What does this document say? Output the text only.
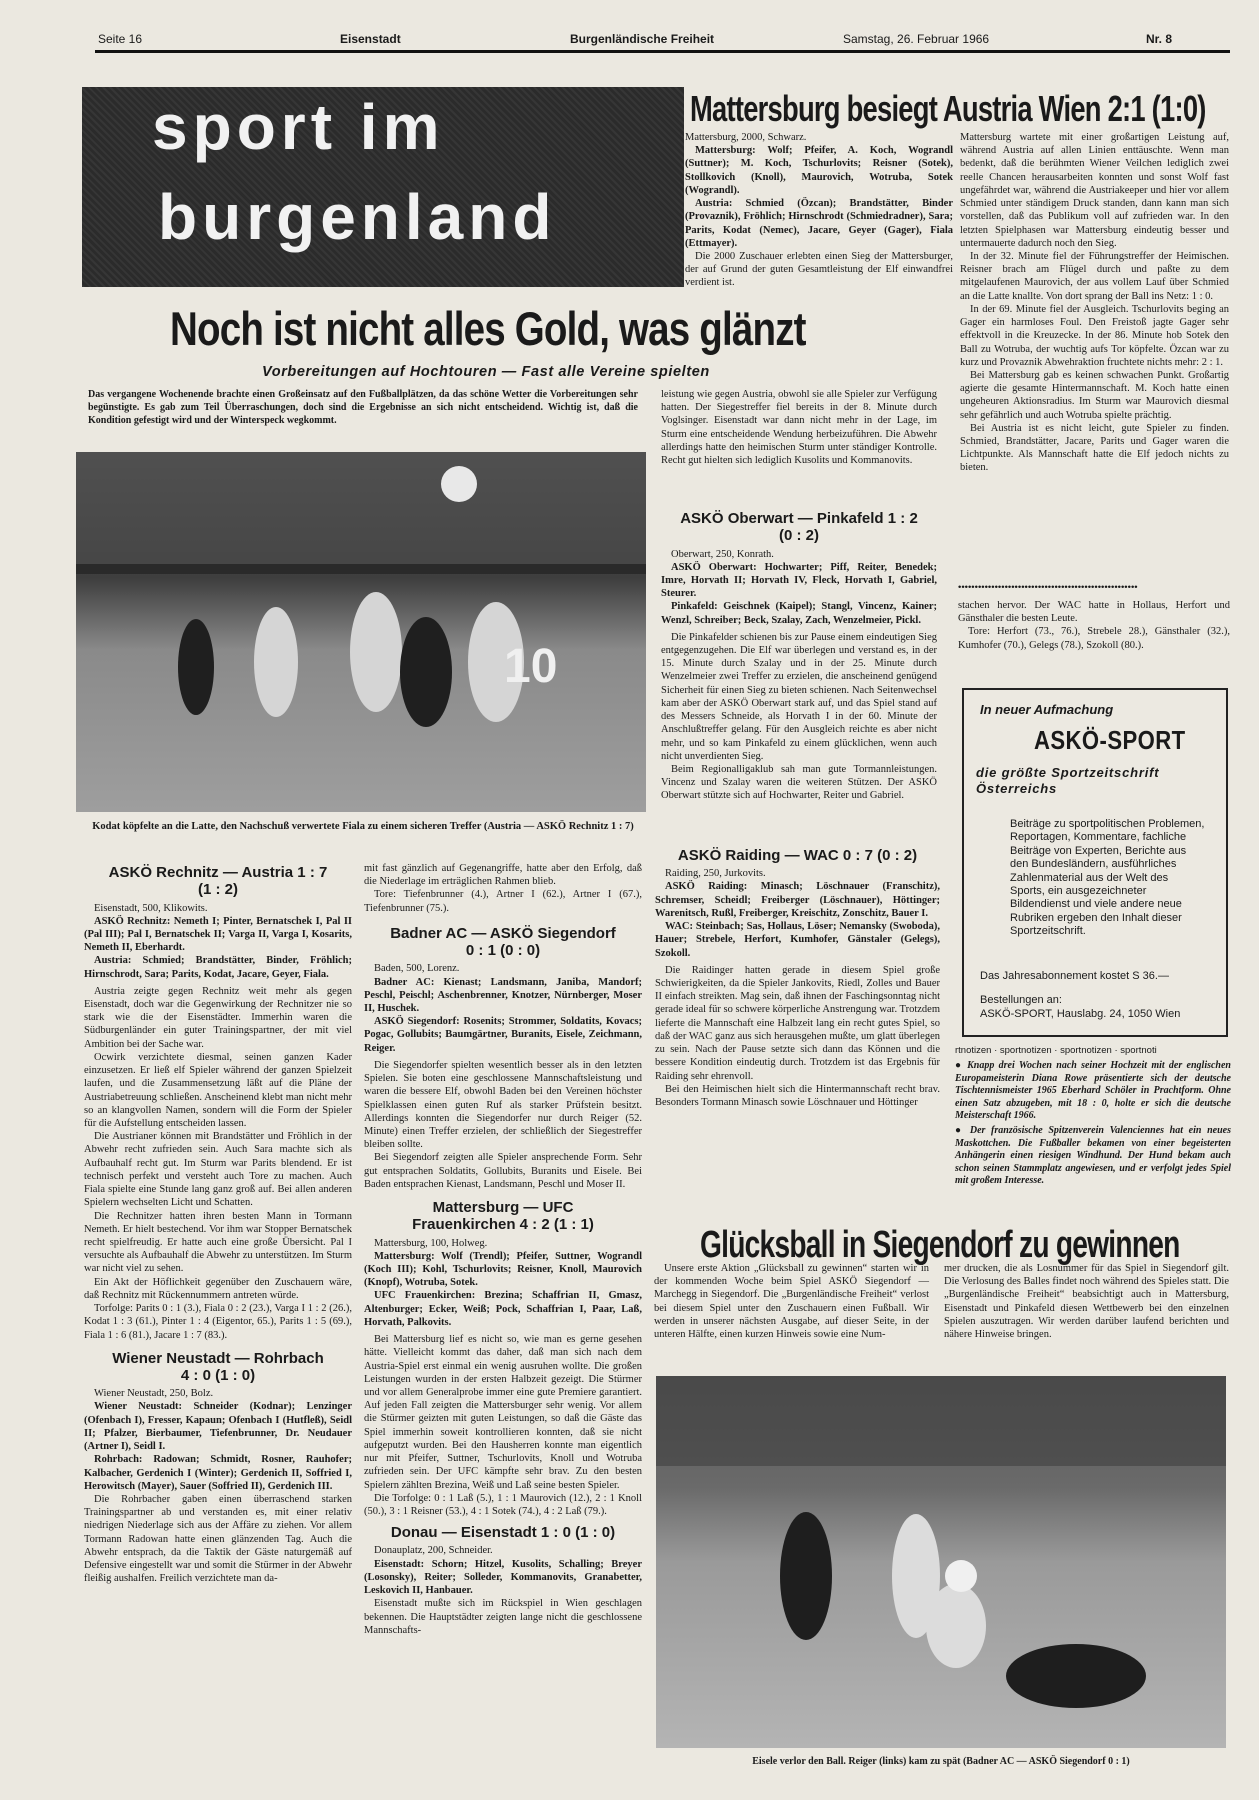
Seite 16	Eisenstadt	Burgenländische Freiheit	Samstag, 26. Februar 1966	Nr. 8
sport im
burgenland
Mattersburg besiegt Austria Wien 2:1 (1:0)
Mattersburg, 2000, Schwarz.
Mattersburg: Wolf; Pfeifer, A. Koch, Wograndl (Suttner); M. Koch, Tschurlovits; Reisner (Sotek), Stollkovich (Knoll), Maurovich, Wotruba, Sotek (Wograndl).
Austria: Schmied (Özcan); Brandstätter, Binder (Provaznik), Fröhlich; Hirnschrodt (Schmiedradner), Sara; Parits, Kodat (Nemec), Jacare, Geyer (Gager), Fiala (Ettmayer).

Die 2000 Zuschauer erlebten einen Sieg der Mattersburger, der auf Grund der guten Gesamtleistung der Elf einwandfrei verdient ist.

Mattersburg wartete mit einer großartigen Leistung auf, während Austria auf allen Linien enttäuschte. Wenn man bedenkt, daß die berühmten Wiener Veilchen lediglich zwei reelle Chancen herausarbeiten konnten und sonst Wolf fast ungefährdet war, während die Austriakeeper und hier vor allem Schmied unter ständigem Druck standen, dann kann man sich vorstellen, daß das Publikum voll auf zufrieden war. In den letzten Spielphasen war Mattersburg eindeutig besser und untermauerte dadurch noch den Sieg.

In der 32. Minute fiel der Führungstreffer der Heimischen. Reisner brach am Flügel durch und paßte zu dem mitgelaufenen Maurovich, der aus vollem Lauf über Schmied an die Latte knallte. Von dort sprang der Ball ins Netz: 1 : 0.

In der 69. Minute fiel der Ausgleich. Tschurlovits beging an Gager ein harmloses Foul. Den Freistoß jagte Gager sehr effektvoll in die Kreuzecke. In der 86. Minute hob Sotek den Ball zu Wotruba, der wuchtig aufs Tor köpfelte. Özcan war zu kurz und Provaznik Abwehraktion fruchtete nichts mehr: 2 : 1.

Bei Mattersburg gab es keinen schwachen Punkt. Großartig agierte die gesamte Hintermannschaft. M. Koch hatte einen ungeheuren Aktionsradius. Im Sturm war Maurovich diesmal sehr gefährlich und auch Wotruba spielte prächtig.

Bei Austria ist es nicht leicht, gute Spieler zu finden. Schmied, Brandstätter, Jacare, Parits und Gager waren die Lichtpunkte. Als Mannschaft hatte die Elf jedoch nichts zu bieten.

Noch ist nicht alles Gold, was glänzt
Vorbereitungen auf Hochtouren — Fast alle Vereine spielten
Das vergangene Wochenende brachte einen Großeinsatz auf den Fußballplätzen, da das schöne Wetter die Vorbereitungen sehr begünstigte. Es gab zum Teil Überraschungen, doch sind die Ergebnisse an sich nicht entscheidend. Wichtig ist, daß die Kondition gefestigt wird und der Winterspeck wegkommt.
leistung wie gegen Austria, obwohl sie alle Spieler zur Verfügung hatten. Der Siegestreffer fiel bereits in der 8. Minute durch Voglsinger. Eisenstadt war dann nicht mehr in der Lage, im Sturm eine entscheidende Wendung herbeizuführen. Die Abwehr allerdings hatte den heimischen Sturm unter ständiger Kontrolle. Recht gut hielten sich lediglich Kusolits und Kommanovits.
ASKÖ Oberwart — Pinkafeld 1 : 2
(0 : 2)
Oberwart, 250, Konrath.
ASKÖ Oberwart: Hochwarter; Piff, Reiter, Benedek; Imre, Horvath II; Horvath IV, Fleck, Horvath I, Gabriel, Steurer.
Pinkafeld: Geischnek (Kaipel); Stangl, Vincenz, Kainer; Wenzl, Schreiber; Beck, Szalay, Zach, Wenzelmeier, Pickl.

Die Pinkafelder schienen bis zur Pause einem eindeutigen Sieg entgegenzugehen. Die Elf war überlegen und verstand es, in der 15. Minute durch Szalay und in der 25. Minute durch Wenzelmeier zwei Treffer zu erzielen, die anscheinend genügend Sicherheit für einen Sieg zu bieten schienen. Nach Seitenwechsel kam aber der ASKÖ Oberwart stark auf, und das Spiel stand auf des Messers Schneide, als Horvath I in der 60. Minute der Anschlußtreffer gelang. Für den Ausgleich reichte es aber nicht mehr, und so kam Pinkafeld zu einem glücklichen, wenn auch nicht unverdienten Sieg.

Beim Regionalligaklub sah man gute Tormannleistungen. Vincenz und Szalay waren die weiteren Stützen. Der ASKÖ Oberwart stützte sich auf Hochwarter, Reiter und Gabriel.

••••••••••••••••••••••••••••••••••••••••••••••••••••••
stachen hervor. Der WAC hatte in Hollaus, Herfort und Gänsthaler die besten Leute.

Tore: Herfort (73., 76.), Strebele 28.), Gänsthaler (32.), Kumhofer (70.), Gelegs (78.), Szokoll (80.).

In neuer Aufmachung
ASKÖ-SPORT
die größte Sportzeitschrift Österreichs
Beiträge zu sportpolitischen Problemen, Reportagen, Kommentare, fachliche Beiträge von Experten, Berichte aus den Bundesländern, ausführliches Zahlenmaterial aus der Welt des Sports, ein ausgezeichneter Bildendienst und viele andere neue Rubriken ergeben den Inhalt dieser Sportzeitschrift.
Das Jahresabonnement kostet S 36.—
Bestellungen an:
ASKÖ-SPORT, Hauslabg. 24, 1050 Wien
rtnotizen · sportnotizen · sportnotizen · sportnoti
● Knapp drei Wochen nach seiner Hochzeit mit der englischen Europameisterin Diana Rowe präsentierte sich der deutsche Tischtennismeister 1965 Eberhard Schöler in Prachtform. Ohne einen Satz abzugeben, mit 18 : 0, holte er sich die deutsche Meisterschaft 1966.
● Der französische Spitzenverein Valenciennes hat ein neues Maskottchen. Die Fußballer bekamen von einer begeisterten Anhängerin einen riesigen Windhund. Der Hund bekam auch schon seinen Stammplatz angewiesen, und er verfolgt jedes Spiel mit großem Interesse.
10
Kodat köpfelte an die Latte, den Nachschuß verwertete Fiala zu einem sicheren Treffer (Austria — ASKÖ Rechnitz 1 : 7)
ASKÖ Rechnitz — Austria 1 : 7
(1 : 2)
Eisenstadt, 500, Klikowits.
ASKÖ Rechnitz: Nemeth I; Pinter, Bernatschek I, Pal II (Pal III); Pal I, Bernatschek II; Varga II, Varga I, Kosarits, Nemeth II, Eberhardt.
Austria: Schmied; Brandstätter, Binder, Fröhlich; Hirnschrodt, Sara; Parits, Kodat, Jacare, Geyer, Fiala.

Austria zeigte gegen Rechnitz weit mehr als gegen Eisenstadt, doch war die Gegenwirkung der Rechnitzer nie so stark wie die der Eisenstädter. Immerhin waren die Südburgenländer ein guter Trainingspartner, der mit viel Ambition bei der Sache war.

Ocwirk verzichtete diesmal, seinen ganzen Kader einzusetzen. Er ließ elf Spieler während der ganzen Spielzeit laufen, und die Zusammensetzung läßt auf die Pläne der Austriabetreuung schließen. Anscheinend klebt man nicht mehr so an klangvollen Namen, sondern will die Form der Spieler für die Aufstellung entscheiden lassen.

Die Austrianer können mit Brandstätter und Fröhlich in der Abwehr recht zufrieden sein. Auch Sara machte sich als Aufbauhalf recht gut. Im Sturm war Parits blendend. Er ist technisch perfekt und versteht auch Tore zu machen. Auch Fiala spielte eine Stunde lang ganz groß auf. Bei allen anderen Spielern wechselten Licht und Schatten.

Die Rechnitzer hatten ihren besten Mann in Tormann Nemeth. Er hielt bestechend. Vor ihm war Stopper Bernatschek recht spielfreudig. Er hatte auch eine große Übersicht. Pal I versuchte als Aufbauhalf die Abwehr zu unterstützen. Im Sturm war nicht viel zu sehen.

Ein Akt der Höflichkeit gegenüber den Zuschauern wäre, daß Rechnitz mit Rückennummern antreten würde.

Torfolge: Parits 0 : 1 (3.), Fiala 0 : 2 (23.), Varga I 1 : 2 (26.), Kodat 1 : 3 (61.), Pinter 1 : 4 (Eigentor, 65.), Parits 1 : 5 (69.), Fiala 1 : 6 (81.), Jacare 1 : 7 (83.).

Wiener Neustadt — Rohrbach
4 : 0 (1 : 0)
Wiener Neustadt, 250, Bolz.
Wiener Neustadt: Schneider (Kodnar); Lenzinger (Ofenbach I), Fresser, Kapaun; Ofenbach I (Hutfleß), Seidl II; Pfalzer, Bierbaumer, Tiefenbrunner, Dr. Neudauer (Artner I), Seidl I.
Rohrbach: Radowan; Schmidt, Rosner, Rauhofer; Kalbacher, Gerdenich I (Winter); Gerdenich II, Soffried I, Herowitsch (Mayer), Sauer (Soffried II), Gerdenich III.

Die Rohrbacher gaben einen überraschend starken Trainingspartner ab und verstanden es, mit einer relativ niedrigen Niederlage sich aus der Affäre zu ziehen. Vor allem Tormann Radowan hatte einen glänzenden Tag. Auch die Abwehr entsprach, da die Taktik der Gäste naturgemäß auf Defensive eingestellt war und somit die Stürmer in der Abwehr fleißig aushalfen. Freilich verzichtete man da-

mit fast gänzlich auf Gegenangriffe, hatte aber den Erfolg, daß die Niederlage im erträglichen Rahmen blieb.

Tore: Tiefenbrunner (4.), Artner I (62.), Artner I (67.), Tiefenbrunner (75.).

Badner AC — ASKÖ Siegendorf
0 : 1 (0 : 0)
Baden, 500, Lorenz.
Badner AC: Kienast; Landsmann, Janiba, Mandorf; Peschl, Peischl; Aschenbrenner, Knotzer, Nürnberger, Moser II, Huschek.
ASKÖ Siegendorf: Rosenits; Strommer, Soldatits, Kovacs; Pogac, Gollubits; Baumgärtner, Buranits, Eisele, Zeichmann, Reiger.

Die Siegendorfer spielten wesentlich besser als in den letzten Spielen. Sie boten eine geschlossene Mannschaftsleistung und waren die bessere Elf, obwohl Baden bei den Vereinen höchster Spielklassen einen guten Ruf als starker Prüfstein besitzt. Allerdings konnten die Siegendorfer nur durch Reiger (52. Minute) einen Treffer erzielen, der schließlich der Siegestreffer bleiben sollte.

Bei Siegendorf zeigten alle Spieler ansprechende Form. Sehr gut entsprachen Soldatits, Gollubits, Buranits und Eisele. Bei Baden entsprachen Kienast, Landsmann, Peschl und Moser II.

Mattersburg — UFC Frauenkirchen 4 : 2 (1 : 1)
Mattersburg, 100, Holweg.
Mattersburg: Wolf (Trendl); Pfeifer, Suttner, Wograndl (Koch III); Kohl, Tschurlovits; Reisner, Knoll, Maurovich (Knopf), Wotruba, Sotek.
UFC Frauenkirchen: Brezina; Schaffrian II, Gmasz, Altenburger; Ecker, Weiß; Pock, Schaffrian I, Paar, Laß, Horvath, Palkovits.

Bei Mattersburg lief es nicht so, wie man es gerne gesehen hätte. Vielleicht kommt das daher, daß man sich nach dem Austria-Spiel erst einmal ein wenig ausruhen wollte. Die großen Leistungen wurden in der ersten Halbzeit gezeigt. Die Stürmer und vor allem Generalprobe immer eine gute Premiere garantiert. Auf jeden Fall zeigten die Mattersburger sehr wenig. Vor allem die Stürmer geizten mit guten Leistungen, so daß die Gäste das Spiel immerhin soweit kontrollieren konnten, daß sie nicht aufgeputzt wurden. Bei den Hausherren konnte man eigentlich nur mit Pfeifer, Suttner, Tschurlovits, Knoll und Wotruba zufrieden sein. Der UFC kämpfte sehr brav. Zu den besten Spielern zählten Brezina, Weiß und Laß seine besten Spieler.

Die Torfolge: 0 : 1 Laß (5.), 1 : 1 Maurovich (12.), 2 : 1 Knoll (50.), 3 : 1 Reisner (53.), 4 : 1 Sotek (74.), 4 : 2 Laß (79.).

Donau — Eisenstadt 1 : 0 (1 : 0)
Donauplatz, 200, Schneider.
Eisenstadt: Schorn; Hitzel, Kusolits, Schalling; Breyer (Losonsky), Reiter; Solleder, Kommanovits, Granabetter, Leskovich II, Hanbauer.

Eisenstadt mußte sich im Rückspiel in Wien geschlagen bekennen. Die Hauptstädter zeigten lange nicht die geschlossene Mannschafts-

ASKÖ Raiding — WAC 0 : 7 (0 : 2)
Raiding, 250, Jurkovits.
ASKÖ Raiding: Minasch; Löschnauer (Franschitz), Schremser, Scheidl; Freiberger (Löschnauer), Höttinger; Warenitsch, Rußl, Freiberger, Kreischitz, Zonschitz, Bauer I.
WAC: Steinbach; Sas, Hollaus, Löser; Nemansky (Swoboda), Hauer; Strebele, Herfort, Kumhofer, Gänstaler (Gelegs), Szokoll.

Die Raidinger hatten gerade in diesem Spiel große Schwierigkeiten, da die Spieler Jankovits, Riedl, Zolles und Bauer II einfach streikten. Mag sein, daß ihnen der Faschingsonntag nicht gerade ideal für so schwere körperliche Anstrengung war. Trotzdem lieferte die Mannschaft eine Halbzeit lang ein recht gutes Spiel, so daß der WAC ganz aus sich herausgehen mußte, um glatt überlegen zu sein. Nach der Pause setzte sich dann das Können und die bessere Kondition eindeutig durch. Trotzdem ist das Ergebnis für Raiding sehr ehrenvoll.

Bei den Heimischen hielt sich die Hintermannschaft recht brav. Besonders Tormann Minasch sowie Löschnauer und Höttinger

Glücksball in Siegendorf zu gewinnen
Unsere erste Aktion „Glücksball zu gewinnen“ starten wir in der kommenden Woche beim Spiel ASKÖ Siegendorf — Marchegg in Siegendorf. Die „Burgenländische Freiheit“ verlost bei diesem Spiel unter den Zuschauern einen Fußball. Wir werden in unserer nächsten Ausgabe, auf dieser Seite, in der unteren Hälfte, einen kurzen Hinweis sowie eine Num-
mer drucken, die als Losnummer für das Spiel in Siegendorf gilt. Die Verlosung des Balles findet noch während des Spieles statt. Die „Burgenländische Freiheit“ beabsichtigt auch in Mattersburg, Eisenstadt und Pinkafeld diesen Wettbewerb bei den einzelnen Spielen auszutragen. Wir werden darüber laufend berichten und nähere Hinweise bringen.
Eisele verlor den Ball. Reiger (links) kam zu spät (Badner AC — ASKÖ Siegendorf 0 : 1)
